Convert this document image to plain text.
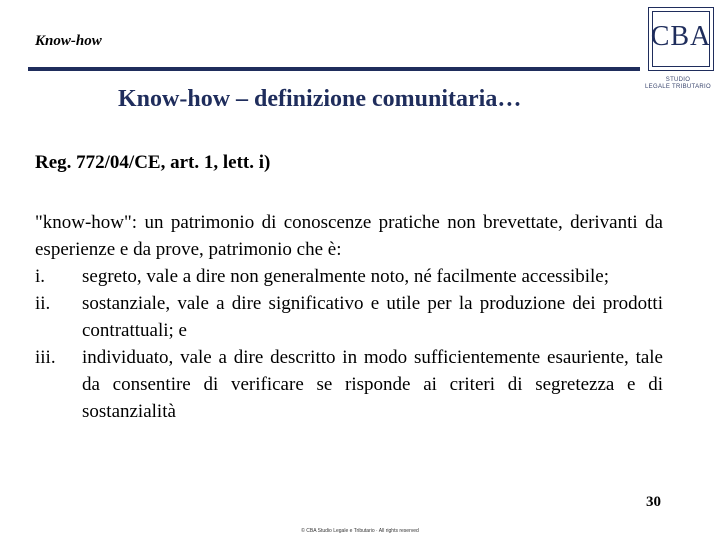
Know-how	CBA
STUDIO
LEGALE TRIBUTARIO
Know-how – definizione comunitaria…
Reg. 772/04/CE, art. 1, lett. i)
"know-how": un patrimonio di conoscenze pratiche non brevettate, derivanti da esperienze e da prove, patrimonio che è:
i.	segreto, vale a dire non generalmente noto, né facilmente accessibile;
ii.	sostanziale, vale a dire significativo e utile per la produzione dei prodotti contrattuali; e
iii.	individuato, vale a dire descritto in modo sufficientemente esauriente, tale da consentire di verificare se risponde ai criteri di segretezza e di sostanzialità
30
© CBA Studio Legale e Tributario · All rights reserved
